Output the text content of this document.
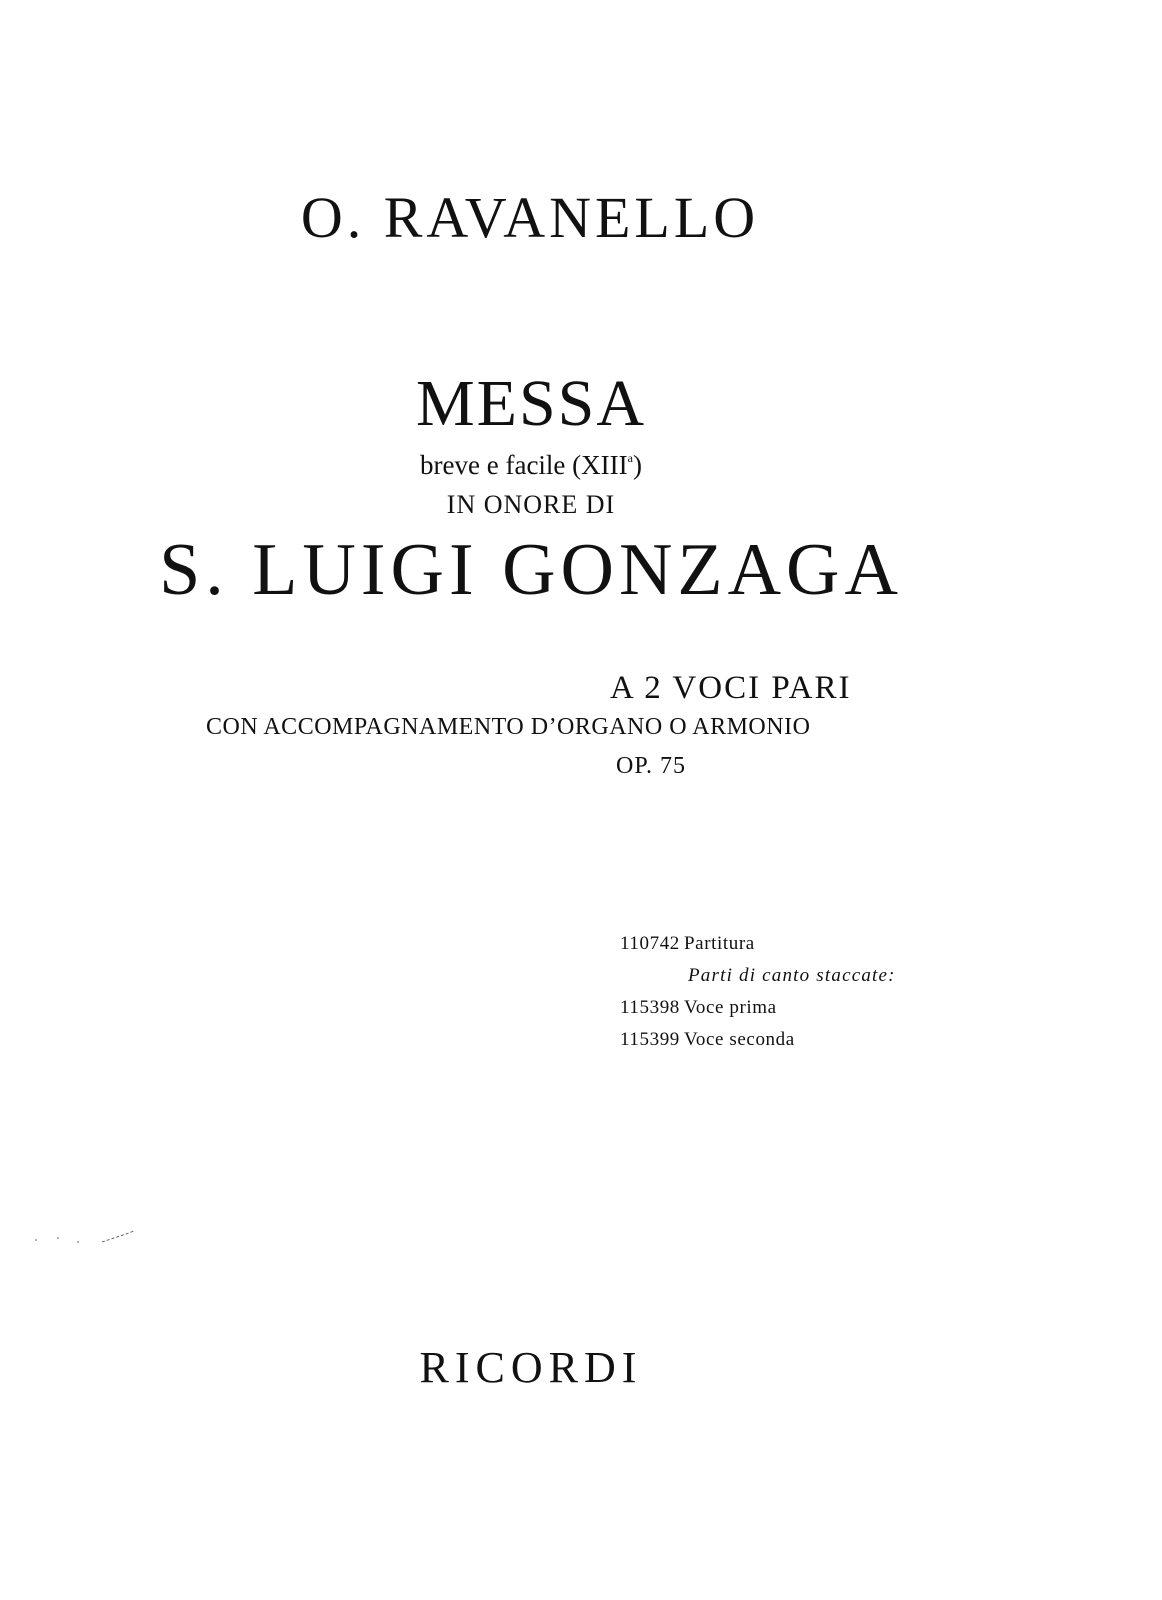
O. RAVANELLO
MESSA
breve e facile (XIII$^a$)
IN ONORE DI
S. LUIGI GONZAGA
A 2 VOCI PARI
CON ACCOMPAGNAMENTO D’ORGANO O ARMONIO
OP. 75
110742 Partitura
Parti di canto staccate:
115398 Voce prima
115399 Voce seconda
RICORDI
